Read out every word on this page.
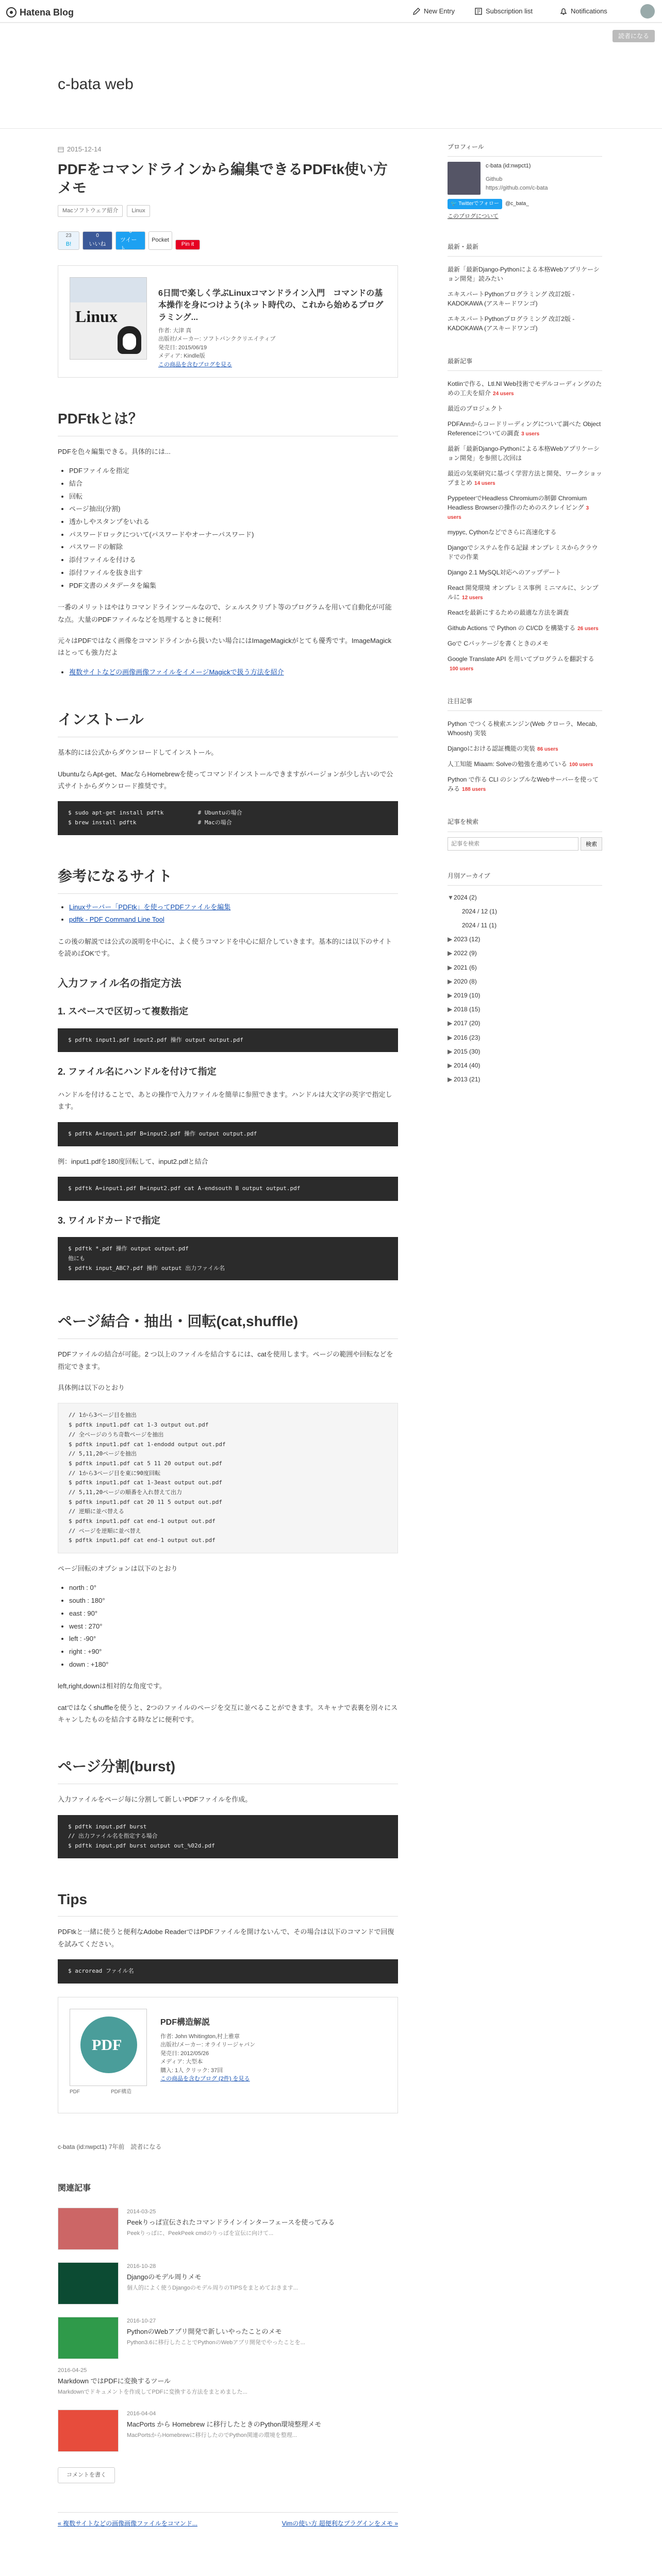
Hatena Blog	New Entry	Subscription list	Notifications
読者になる
c-bata web
2015-12-14
PDFをコマンドラインから編集できるPDFtk使い方メモ
Macソフトウェア紹介	Linux
23
B!
0
いいね
0
ツイート
Pocket
Pin it
Linux
6日間で楽しく学ぶLinuxコマンドライン入門　コマンドの基本操作を身につけよう(ネット時代の、これから始めるプログラミング...
作者: 大津 真
出版社/メーカー: ソフトバンククリエイティブ
発売日: 2015/06/19
メディア: Kindle版
この商品を含むブログを見る
PDFtkとは？

PDFを色々編集できる。具体的には...

• PDFファイルを指定
• 結合
• 回転
• ページ抽出(分割)
• 透かしやスタンプをいれる
• パスワードロックについて(パスワードやオーナーパスワード)
• パスワードの解除
• 添付ファイルを付ける
• 添付ファイルを抜き出す
• PDF文書のメタデータを編集

一番のメリットはやはりコマンドラインツールなので、シェルスクリプト等のプログラムを用いて自動化が可能な点。大量のPDFファイルなどを処理するときに便利！

元々はPDFではなく画像をコマンドラインから扱いたい場合にはImageMagickがとても優秀です。ImageMagickはとっても強力だよ

• 複数サイトなどの画像画像ファイルをイメージMagickで扱う方法を紹介
インストール

基本的には公式からダウンロードしてインストール。

UbuntuならApt-get、MacならHomebrewを使ってコマンドインストールできますがバージョンが少し古いので公式サイトからダウンロード推奨です。

$ sudo apt-get install pdftk          # Ubuntuの場合
$ brew install pdftk                  # Macの場合
参考になるサイト
• Linuxサーバー「PDFtk」を使ってPDFファイルを編集
• pdftk - PDF Command Line Tool

この後の解説では公式の説明を中心に、よく使うコマンドを中心に紹介していきます。基本的には以下のサイトを読めばOKです。

入力ファイル名の指定方法
1. スペースで区切って複数指定
$ pdftk input1.pdf input2.pdf 操作 output output.pdf
2. ファイル名にハンドルを付けて指定

ハンドルを付けることで、あとの操作で入力ファイルを簡単に参照できます。ハンドルは大文字の英字で指定します。

$ pdftk A=input1.pdf B=input2.pdf 操作 output output.pdf

例：input1.pdfを180度回転して、input2.pdfと結合

$ pdftk A=input1.pdf B=input2.pdf cat A-endsouth B output output.pdf
3. ワイルドカードで指定
$ pdftk *.pdf 操作 output output.pdf
他にも
$ pdftk input_ABC?.pdf 操作 output 出力ファイル名
ページ結合・抽出・回転(cat,shuffle)

PDFファイルの結合が可能。2 つ以上のファイルを結合するには、catを使用します。ページの範囲や回転などを指定できます。

具体例は以下のとおり

// 1から3ページ目を抽出
$ pdftk input1.pdf cat 1-3 output out.pdf
// 全ページのうち奇数ページを抽出
$ pdftk input1.pdf cat 1-endodd output out.pdf
// 5,11,20ページを抽出
$ pdftk input1.pdf cat 5 11 20 output out.pdf
// 1から3ページ目を東に90度回転
$ pdftk input1.pdf cat 1-3east output out.pdf
// 5,11,20ページの順番を入れ替えて出力
$ pdftk input1.pdf cat 20 11 5 output out.pdf
// 逆順に並べ替える
$ pdftk input1.pdf cat end-1 output out.pdf
// ページを逆順に並べ替え
$ pdftk input1.pdf cat end-1 output out.pdf

ページ回転のオプションは以下のとおり

• north : 0°
• south : 180°
• east : 90°
• west : 270°
• left : -90°
• right : +90°
• down : +180°

left,right,downは相対的な角度です。

catではなくshuffleを使うと、2つのファイルのページを交互に並べることができます。スキャナで表裏を別々にスキャンしたものを結合する時などに便利です。

ページ分割(burst)

入力ファイルをページ毎に分割して新しいPDFファイルを作成。

$ pdftk input.pdf burst
// 出力ファイル名を指定する場合
$ pdftk input.pdf burst output out_%02d.pdf
Tips

PDFtkと一緒に使うと便利なAdobe ReaderではPDFファイルを開けないんで、その場合は以下のコマンドで回復を試みてください。

$ acroread ファイル名
PDF
PDF	PDF構造
PDF構造解説
作者: John Whitington,村上雅章
出版社/メーカー: オライリージャパン
発売日: 2012/05/26
メディア: 大型本
購入: 1人 クリック: 37回
この商品を含むブログ (2件) を見る
c-bata (id:nwpct1) 7年前　読者になる
関連記事
2014-03-25
Peekりっぱ宣伝されたコマンドラインインターフェースを使ってみる
Peekりっぱに、PeekPeek cmdのりっぱを宣伝に向けて...
2016-10-28
Djangoのモデル周りメモ
個人的によく使うDjangoのモデル周りのTIPSをまとめておきます...
2016-10-27
PythonのWebアプリ開発で新しいやったことのメモ
Python3.6に移行したことでPythonのWebアプリ開発でやったことを...
2016-04-25
Markdown ではPDFに変換するツール
Markdownでドキュメントを作成してPDFに変換する方法をまとめました...
2016-04-04
MacPorts から Homebrew に移行したときのPython環境整理メモ
MacPortsからHomebrewに移行したのでPython関連の環境を整理...
コメントを書く
« 複数サイトなどの画像画像ファイルをコマンド...	Vimの使い方 超便利なプラグインをメモ »
プロフィール
c-bata (id:nwpct1)
Github
https://github.com/c-bata
🐦 Twitterでフォロー	@c_bata_
このブログについて
最新・最新
最新「最新Django-Pythonによる本格Webアプリケーション開発」読みたい
エキスパートPythonプログラミング 改訂2版 - KADOKAWA (アスキードワンゴ)
エキスパートPythonプログラミング 改訂2版 - KADOKAWA (アスキードワンゴ)
最新記事
Kotlinで作る、Ltl.Nl Web技術でモデルコーディングのための工夫を紹介 24 users
最近のプロジェクト
PDFAnnからコードリーディングについて調べた Object Referenceについての調査 3 users
最新「最新Django-Pythonによる本格Webアプリケーション開発」を参照し次回は
最近の気楽研究に基づく学習方法と開発、ワークショップまとめ 14 users
PyppeteerでHeadless Chromiumの制御 Chromium Headless Browserの操作のためのスクレイピング 3 users
mypyc, Cythonなどでさらに高速化する
Djangoでシステムを作る記録 オンプレミスからクラウドでの作業
Django 2.1 MySQL対応へのアップデート
React 開発環境 オンプレミス事例 ミニマルに、シンプルに 12 users
Reactを最新にするための最適な方法を調査
Github Actions で Python の CI/CD を構築する 26 users
Goで Cパッケージを書くときのメモ
Google Translate API を用いてプログラムを翻訳する100 users
注目記事
Python でつくる検索エンジン(Web クローラ、Mecab, Whoosh) 実装
Djangoにおける認証機能の実装 86 users
人工知能 Miaam: Solveの勉強を進めている 100 users
Python で作る CLI のシンプルなWebサーバーを使ってみる 188 users
記事を検索
記事を検索
検索
月別アーカイブ
▼2024 (2)
2024 / 12 (1)
2024 / 11 (1)
▶ 2023 (12)
▶ 2022 (9)
▶ 2021 (6)
▶ 2020 (8)
▶ 2019 (10)
▶ 2018 (15)
▶ 2017 (20)
▶ 2016 (23)
▶ 2015 (30)
▶ 2014 (40)
▶ 2013 (21)
